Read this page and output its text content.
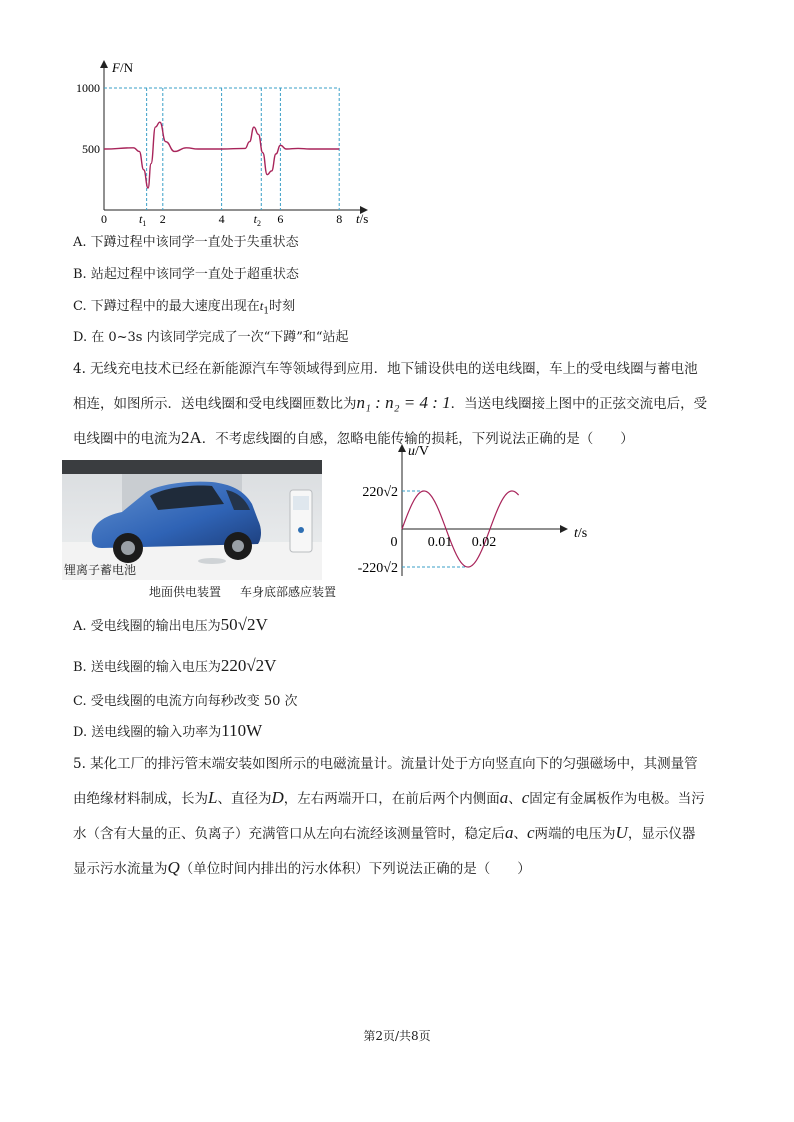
F/N
t/s
500
1000
0	$t_1$ 2	4 $t_2$ 6	8
A. 下蹲过程中该同学一直处于失重状态
B. 站起过程中该同学一直处于超重状态
C. 下蹲过程中的最大速度出现在$t_1$时刻
D. 在 0~3s 内该同学完成了一次“下蹲”和“站起
4. 无线充电技术已经在新能源汽车等领域得到应用．地下铺设供电的送电线圈，车上的受电线圈与蓄电池
相连，如图所示．送电线圈和受电线圈匝数比为n₁ : n₂ = 4 : 1．当送电线圈接上图中的正弦交流电后，受
电线圈中的电流为2A．不考虑线圈的自感，忽略电能传输的损耗，下列说法正确的是（　　）
锂离子蓄电池
地面供电装置 车身底部感应装置
u/V
t/s
220√2
-220√2
0 0.01 0.02
A. 受电线圈的输出电压为50√2V
B. 送电线圈的输入电压为220√2V
C. 受电线圈的电流方向每秒改变 50 次
D. 送电线圈的输入功率为110W
5. 某化工厂的排污管末端安装如图所示的电磁流量计。流量计处于方向竖直向下的匀强磁场中，其测量管
由绝缘材料制成，长为L、直径为D，左右两端开口，在前后两个内侧面a、c固定有金属板作为电极。当污
水（含有大量的正、负离子）充满管口从左向右流经该测量管时，稳定后a、c两端的电压为U，显示仪器
显示污水流量为Q（单位时间内排出的污水体积）下列说法正确的是（　　）
第2页/共8页
